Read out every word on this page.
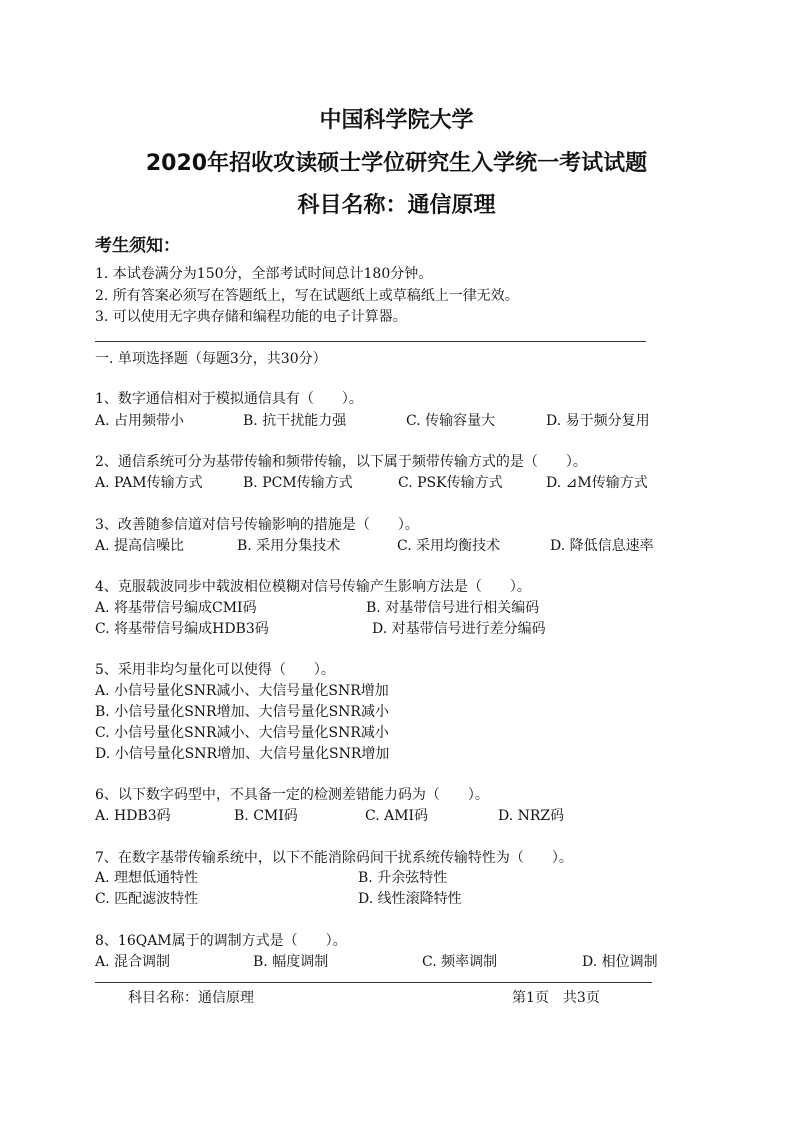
中国科学院大学
2020年招收攻读硕士学位研究生入学统一考试试题
科目名称：通信原理
考生须知：
1. 本试卷满分为150分，全部考试时间总计180分钟。
2. 所有答案必须写在答题纸上，写在试题纸上或草稿纸上一律无效。
3. 可以使用无字典存储和编程功能的电子计算器。
一. 单项选择题（每题3分，共30分）
1、数字通信相对于模拟通信具有（　　）。
A. 占用频带小	B. 抗干扰能力强	C. 传输容量大	D. 易于频分复用
2、通信系统可分为基带传输和频带传输，以下属于频带传输方式的是（　　）。
A. PAM传输方式	B. PCM传输方式	C. PSK传输方式	D. ⊿M传输方式
3、改善随参信道对信号传输影响的措施是（　　）。
A. 提高信噪比	B. 采用分集技术	C. 采用均衡技术	D. 降低信息速率
4、克服载波同步中载波相位模糊对信号传输产生影响方法是（　　）。
A. 将基带信号编成CMI码	B. 对基带信号进行相关编码
C. 将基带信号编成HDB3码	D. 对基带信号进行差分编码
5、采用非均匀量化可以使得（　　）。
A. 小信号量化SNR减小、大信号量化SNR增加
B. 小信号量化SNR增加、大信号量化SNR减小
C. 小信号量化SNR减小、大信号量化SNR减小
D. 小信号量化SNR增加、大信号量化SNR增加
6、以下数字码型中，不具备一定的检测差错能力码为（　　）。
A. HDB3码	B. CMI码	C. AMI码	D. NRZ码
7、在数字基带传输系统中，以下不能消除码间干扰系统传输特性为（　　）。
A. 理想低通特性	B. 升余弦特性
C. 匹配滤波特性	D. 线性滚降特性
8、16QAM属于的调制方式是（　　）。
A. 混合调制	B. 幅度调制	C. 频率调制	D. 相位调制
科目名称：通信原理	第1页　共3页
